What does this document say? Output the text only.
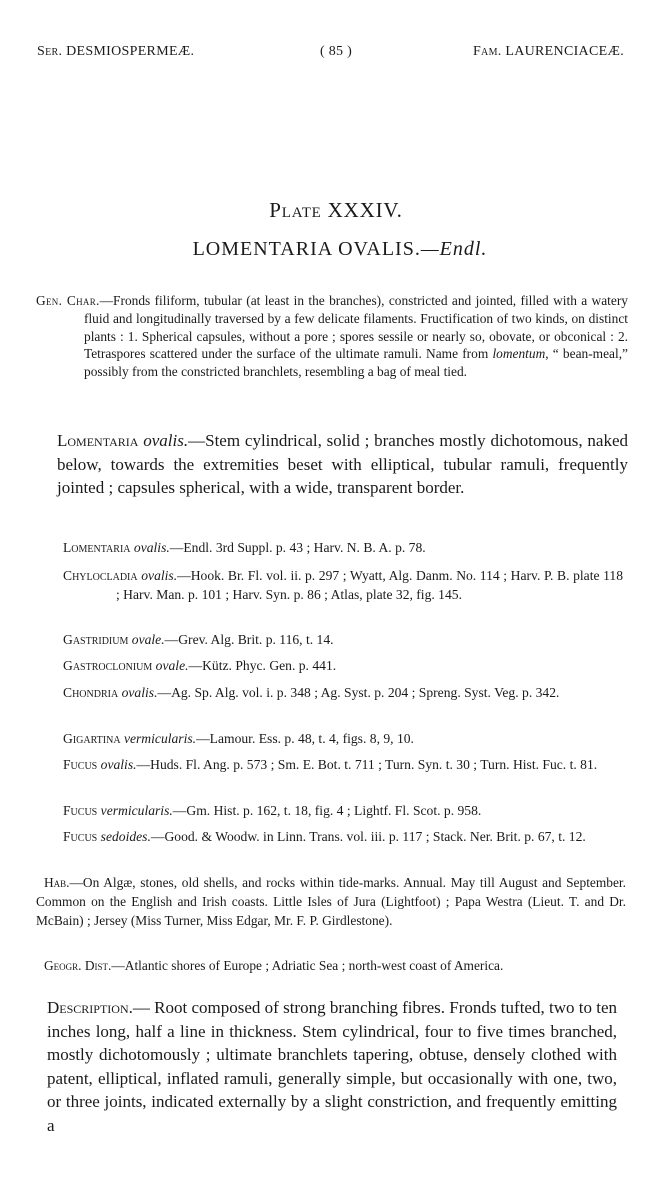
Ser. DESMIOSPERMEÆ.	( 85 )	Fam. LAURENCIACEÆ.
Plate XXXIV.
LOMENTARIA OVALIS.—Endl.

Gen. Char.—Fronds filiform, tubular (at least in the branches), constricted and jointed, filled with a watery fluid and longitudinally traversed by a few delicate filaments. Fructification of two kinds, on distinct plants : 1. Spherical capsules, without a pore ; spores sessile or nearly so, obovate, or obconical : 2. Tetraspores scattered under the surface of the ultimate ramuli. Name from lomentum, “ bean-meal,” possibly from the constricted branchlets, resembling a bag of meal tied.

Lomentaria ovalis.—Stem cylindrical, solid ; branches mostly dichotomous, naked below, towards the extremities beset with elliptical, tubular ramuli, frequently jointed ; capsules spherical, with a wide, transparent border.

Lomentaria ovalis.—Endl. 3rd Suppl. p. 43 ; Harv. N. B. A. p. 78.

Chylocladia ovalis.—Hook. Br. Fl. vol. ii. p. 297 ; Wyatt, Alg. Danm. No. 114 ; Harv. P. B. plate 118 ; Harv. Man. p. 101 ; Harv. Syn. p. 86 ; Atlas, plate 32, fig. 145.

Gastridium ovale.—Grev. Alg. Brit. p. 116, t. 14.

Gastroclonium ovale.—Kütz. Phyc. Gen. p. 441.

Chondria ovalis.—Ag. Sp. Alg. vol. i. p. 348 ; Ag. Syst. p. 204 ; Spreng. Syst. Veg. p. 342.

Gigartina vermicularis.—Lamour. Ess. p. 48, t. 4, figs. 8, 9, 10.

Fucus ovalis.—Huds. Fl. Ang. p. 573 ; Sm. E. Bot. t. 711 ; Turn. Syn. t. 30 ; Turn. Hist. Fuc. t. 81.

Fucus vermicularis.—Gm. Hist. p. 162, t. 18, fig. 4 ; Lightf. Fl. Scot. p. 958.

Fucus sedoides.—Good. & Woodw. in Linn. Trans. vol. iii. p. 117 ; Stack. Ner. Brit. p. 67, t. 12.

Hab.—On Algæ, stones, old shells, and rocks within tide-marks. Annual. May till August and September. Common on the English and Irish coasts. Little Isles of Jura (Lightfoot) ; Papa Westra (Lieut. T. and Dr. McBain) ; Jersey (Miss Turner, Miss Edgar, Mr. F. P. Girdlestone).

Geogr. Dist.—Atlantic shores of Europe ; Adriatic Sea ; north-west coast of America.

Description.— Root composed of strong branching fibres. Fronds tufted, two to ten inches long, half a line in thickness. Stem cylindrical, four to five times branched, mostly dichotomously ; ultimate branchlets tapering, obtuse, densely clothed with patent, elliptical, inflated ramuli, generally simple, but occasionally with one, two, or three joints, indicated externally by a slight constriction, and frequently emitting a
